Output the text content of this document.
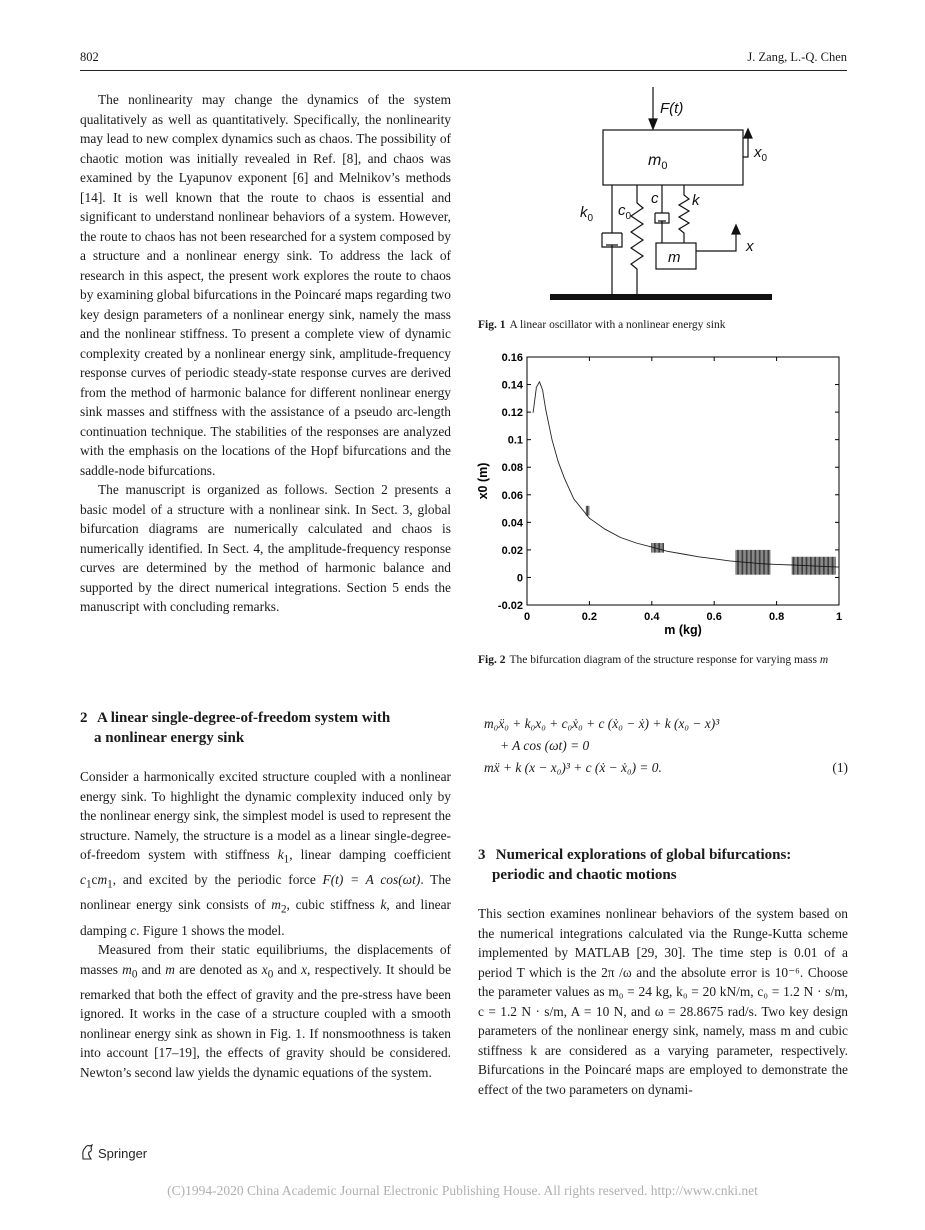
802	J. Zang, L.-Q. Chen

The nonlinearity may change the dynamics of the system qualitatively as well as quantitatively. Specifically, the nonlinearity may lead to new complex dynamics such as chaos. The possibility of chaotic motion was initially revealed in Ref. [8], and chaos was examined by the Lyapunov exponent [6] and Melnikov’s methods [14]. It is well known that the route to chaos is essential and significant to understand nonlinear behaviors of a system. However, the route to chaos has not been researched for a system composed by a structure and a nonlinear energy sink. To address the lack of research in this aspect, the present work explores the route to chaos by examining global bifurcations in the Poincaré maps regarding two key design parameters of a nonlinear energy sink, namely the mass and the nonlinear stiffness. To present a complete view of dynamic complexity created by a nonlinear energy sink, amplitude-frequency response curves of periodic steady-state response curves are derived from the method of harmonic balance for different nonlinear energy sink masses and stiffness with the assistance of a pseudo arc-length continuation technique. The stabilities of the responses are analyzed with the emphasis on the locations of the Hopf bifurcations and the saddle-node bifurcations.

The manuscript is organized as follows. Section 2 presents a basic model of a structure with a nonlinear sink. In Sect. 3, global bifurcation diagrams are numerically calculated and chaos is numerically identified. In Sect. 4, the amplitude-frequency response curves are determined by the method of harmonic balance and supported by the direct numerical integrations. Section 5 ends the manuscript with concluding remarks.

2 A linear single-degree-of-freedom system with
a nonlinear energy sink

Consider a harmonically excited structure coupled with a nonlinear energy sink. To highlight the dynamic complexity induced only by the nonlinear energy sink, the simplest model is used to represent the structure. Namely, the structure is a model as a linear single-degree-of-freedom system with stiffness $k_1$, linear damping coefficient $c_1cm_1$, and excited by the periodic force F(t) = A cos(ωt). The nonlinear energy sink consists of $m_2$, cubic stiffness k, and linear damping c. Figure 1 shows the model.

Measured from their static equilibriums, the displacements of masses $m_0$ and m are denoted as $x_0$ and x, respectively. It should be remarked that both the effect of gravity and the pre-stress have been ignored. It works in the case of a structure coupled with a smooth nonlinear energy sink as shown in Fig. 1. If nonsmoothness is taken into account [17–19], the effects of gravity should be considered. Newton’s second law yields the dynamic equations of the system.

F(t)
$m_0$
$x_0$
$k_0$ $c_0$
c k
m
x
Fig. 1 A linear oscillator with a nonlinear energy sink
0	0.2	0.4	0.6	0.8	1
-0.02
0
0.02
0.04
0.06
0.08
0.1
0.12
0.14
0.16
m (kg)
x0 (m)
Fig. 2 The bifurcation diagram of the structure response for varying mass m
m₀ẍ₀ + k₀x₀ + c₀ẋ₀ + c (ẋ₀ − ẋ) + k (x₀ − x)³
+ A cos (ωt) = 0
mẍ + k (x − x₀)³ + c (ẋ − ẋ₀) = 0.	(1)
3 Numerical explorations of global bifurcations:
periodic and chaotic motions

This section examines nonlinear behaviors of the system based on the numerical integrations calculated via the Runge-Kutta scheme implemented by MATLAB [29, 30]. The time step is 0.01 of a period T which is the 2π /ω and the absolute error is 10⁻⁶. Choose the parameter values as m₀ = 24 kg, k₀ = 20 kN/m, c₀ = 1.2 N · s/m, c = 1.2 N · s/m, A = 10 N, and ω = 28.8675 rad/s. Two key design parameters of the nonlinear energy sink, namely, mass m and cubic stiffness k are considered as a varying parameter, respectively. Bifurcations in the Poincaré maps are employed to demonstrate the effect of the two parameters on dynami-

Springer
(C)1994-2020 China Academic Journal Electronic Publishing House. All rights reserved. http://www.cnki.net
